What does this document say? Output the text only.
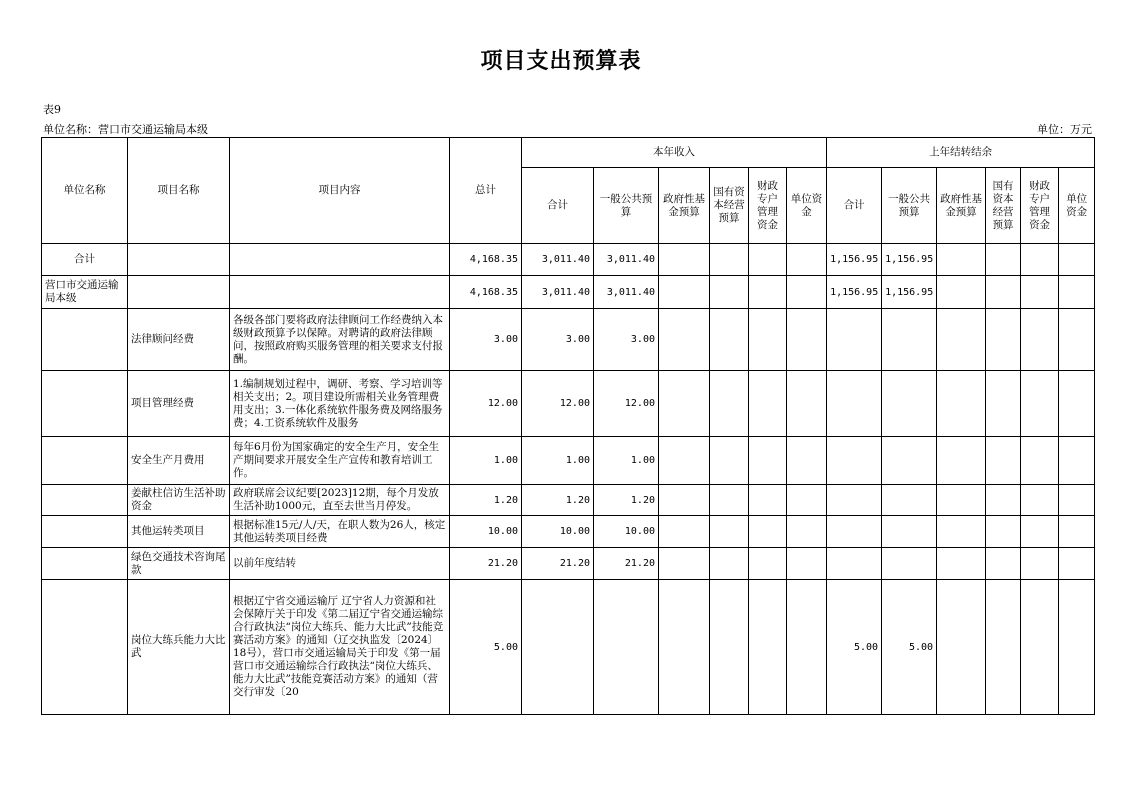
项目支出预算表
表9
单位名称：营口市交通运输局本级	单位：万元
单位名称	项目名称	项目内容	总计	本年收入						上年结转结余					
				合计	一般公共预算	政府性基金预算	国有资本经营预算	财政专户管理资金	单位资金	合计	一般公共预算	政府性基金预算	国有资本经营预算	财政专户管理资金	单位资金
合计			4,168.35	3,011.40	3,011.40					1,156.95	1,156.95				
营口市交通运输局本级			4,168.35	3,011.40	3,011.40					1,156.95	1,156.95				
	法律顾问经费	各级各部门要将政府法律顾问工作经费纳入本级财政预算予以保障。对聘请的政府法律顾问，按照政府购买服务管理的相关要求支付报酬。	3.00	3.00	3.00										
	项目管理经费	1.编制规划过程中，调研、考察、学习培训等相关支出；2。项目建设所需相关业务管理费用支出；3.一体化系统软件服务费及网络服务费；4.工资系统软件及服务	12.00	12.00	12.00										
	安全生产月费用	每年6月份为国家确定的安全生产月，安全生产期间要求开展安全生产宣传和教育培训工作。	1.00	1.00	1.00										
	姜献柱信访生活补助资金	政府联席会议纪要[2023]12期，每个月发放生活补助1000元，直至去世当月停发。	1.20	1.20	1.20										
	其他运转类项目	根据标准15元/人/天，在职人数为26人，核定其他运转类项目经费	10.00	10.00	10.00										
	绿色交通技术咨询尾款	以前年度结转	21.20	21.20	21.20										
	岗位大练兵能力大比武	根据辽宁省交通运输厅 辽宁省人力资源和社会保障厅关于印发《第二届辽宁省交通运输综合行政执法“岗位大练兵、能力大比武”技能竞赛活动方案》的通知（辽交执监发〔2024〕18号），营口市交通运输局关于印发《第一届营口市交通运输综合行政执法“岗位大练兵、能力大比武”技能竞赛活动方案》的通知（营交行审发〔20	5.00							5.00	5.00				
